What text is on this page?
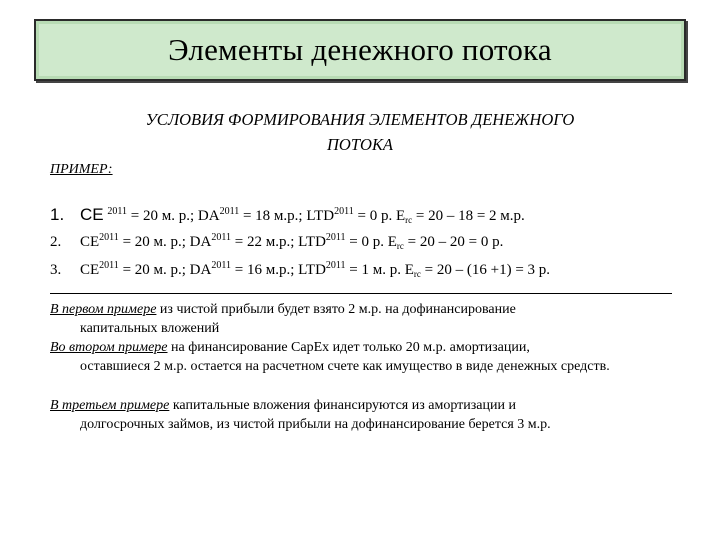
Элементы денежного потока
УСЛОВИЯ ФОРМИРОВАНИЯ ЭЛЕМЕНТОВ ДЕНЕЖНОГО
ПОТОКА
ПРИМЕР:
1. CE $^{2011}$ = 20 м. р.; $DA^{2011} = 18$ м.р.; $LTD^{2011} = 0$ р. $E_{rc} = 20 - 18 = 2$ м.р.
2. $CE^{2011} = 20$ м. р.; $DA^{2011} = 22$ м.р.; $LTD^{2011} = 0$ р. $E_{rc} = 20 - 20 = 0$ р.
3. $CE^{2011} = 20$ м. р.; $DA^{2011} = 16$ м.р.; $LTD^{2011} = 1$ м. р. $E_{rc} = 20 - (16 +1) = 3$ р.
В первом примере из чистой прибыли будет взято 2 м.р. на дофинансирование
капитальных вложений
Во втором примере на финансирование CapEx идет только 20 м.р. амортизации,
оставшиеся 2 м.р. остается на расчетном счете как имущество в виде денежных средств.
В третьем примере капитальные вложения финансируются из амортизации и
долгосрочных займов, из чистой прибыли на дофинансирование берется 3 м.р.
